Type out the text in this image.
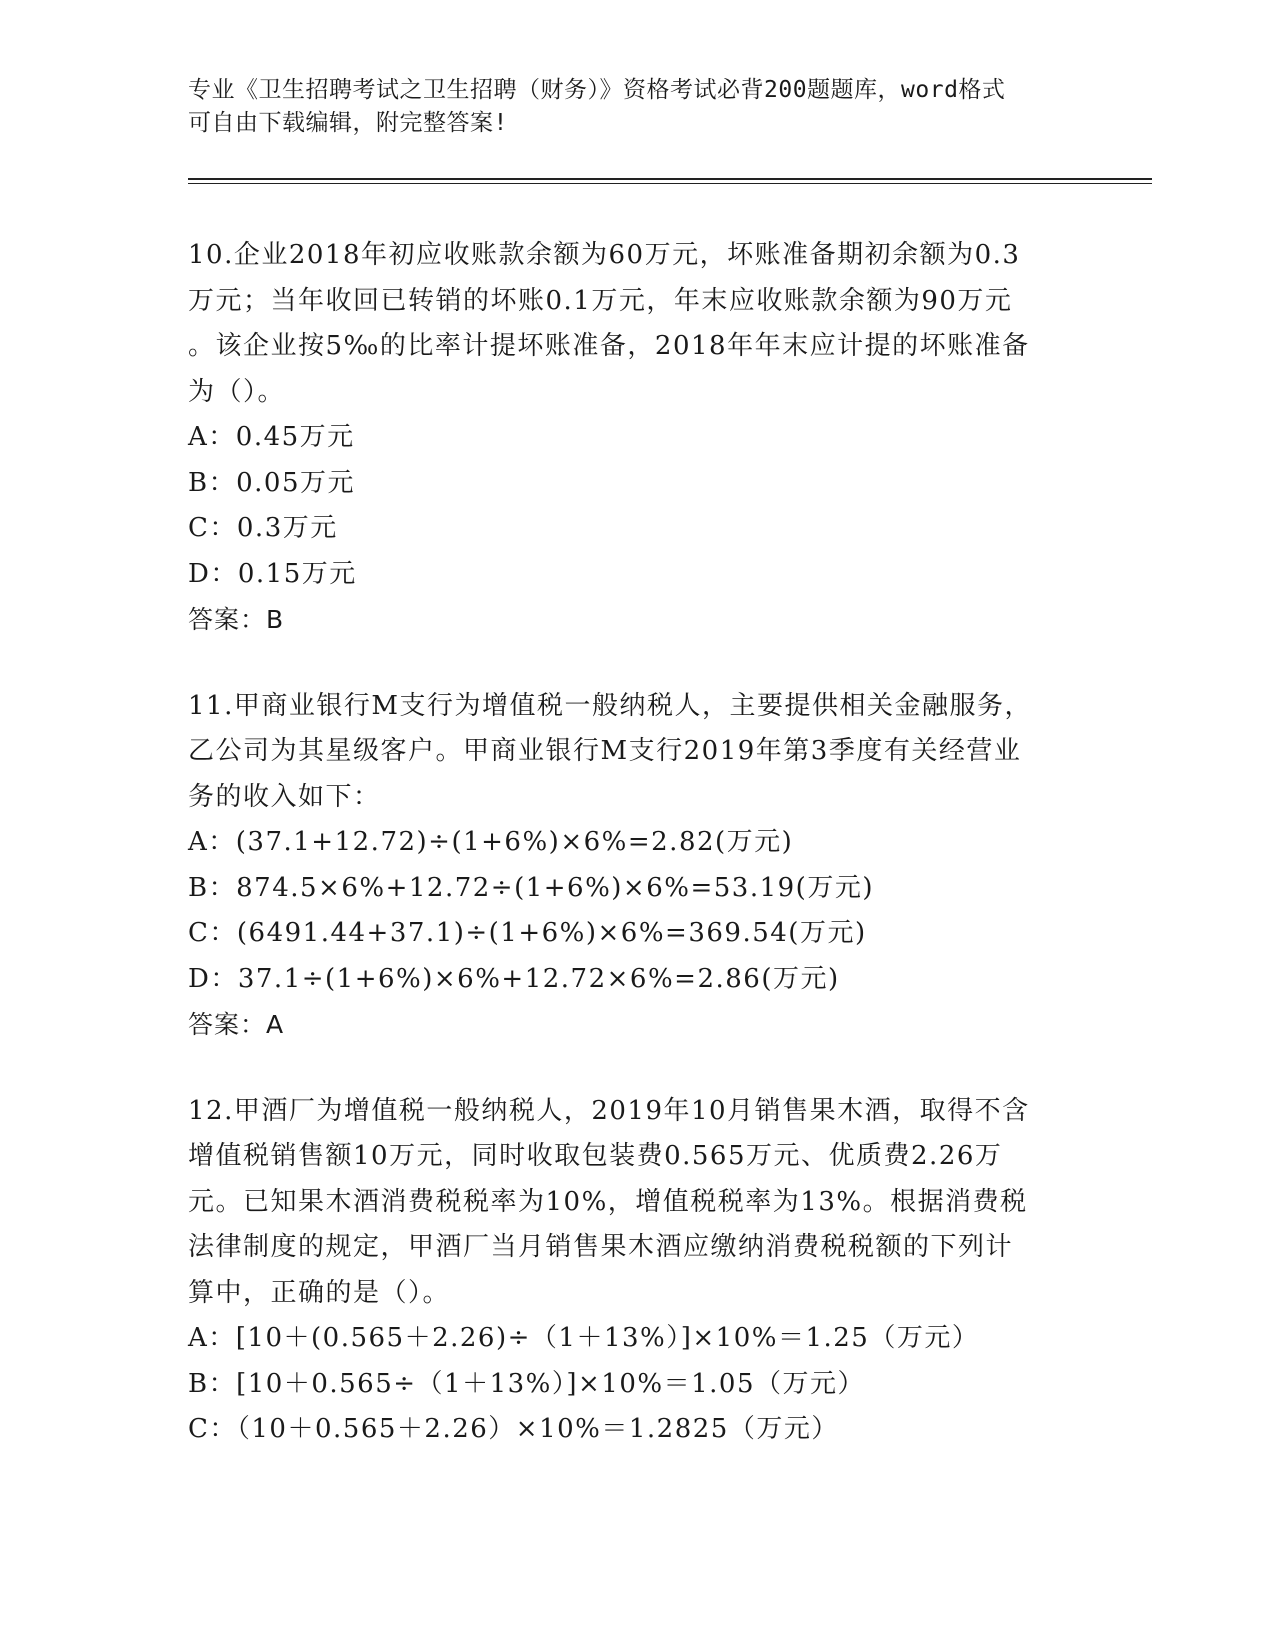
专业《卫生招聘考试之卫生招聘（财务）》资格考试必背200题题库，word格式
可自由下载编辑，附完整答案!
10.企业2018年初应收账款余额为60万元，坏账准备期初余额为0.3
万元；当年收回已转销的坏账0.1万元，年末应收账款余额为90万元
。该企业按5‰的比率计提坏账准备，2018年年末应计提的坏账准备
为（）。
A：0.45万元
B：0.05万元
C：0.3万元
D：0.15万元
答案：B
11.甲商业银行M支行为增值税一般纳税人，主要提供相关金融服务，
乙公司为其星级客户。甲商业银行M支行2019年第3季度有关经营业
务的收入如下：
A：(37.1+12.72)÷(1+6%)×6%=2.82(万元)
B：874.5×6%+12.72÷(1+6%)×6%=53.19(万元)
C：(6491.44+37.1)÷(1+6%)×6%=369.54(万元)
D：37.1÷(1+6%)×6%+12.72×6%=2.86(万元)
答案：A
12.甲酒厂为增值税一般纳税人，2019年10月销售果木酒，取得不含
增值税销售额10万元，同时收取包装费0.565万元、优质费2.26万
元。已知果木酒消费税税率为10%，增值税税率为13%。根据消费税
法律制度的规定，甲酒厂当月销售果木酒应缴纳消费税税额的下列计
算中，正确的是（）。
A：[10＋(0.565＋2.26)÷（1＋13%）]×10%＝1.25（万元）
B：[10＋0.565÷（1＋13%）]×10%＝1.05（万元）
C：（10＋0.565＋2.26）×10%＝1.2825（万元）
